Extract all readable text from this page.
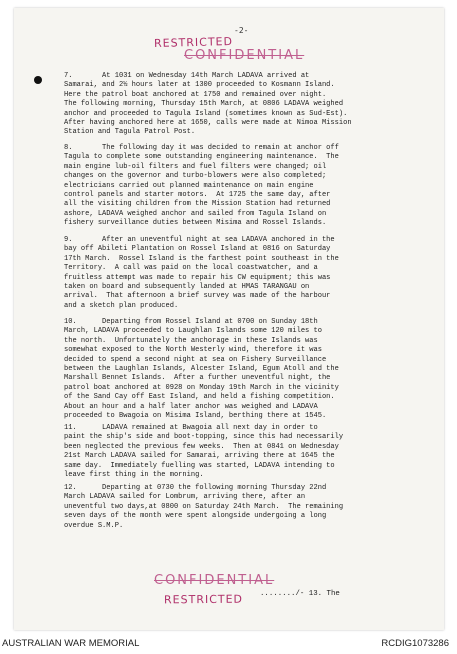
-2-
RESTRICTED
CONFIDENTIAL
7.       At 1031 on Wednesday 14th March LADAVA arrived at
Samarai, and 2½ hours later at 1300 proceeded to Kosmann Island.
Here the patrol boat anchored at 1750 and remained over night.
The following morning, Thursday 15th March, at 0806 LADAVA weighed
anchor and proceeded to Tagula Island (sometimes known as Sud-Est).
After having anchored here at 1650, calls were made at Nimoa Mission
Station and Tagula Patrol Post.
8.       The following day it was decided to remain at anchor off
Tagula to complete some outstanding engineering maintenance.  The
main engine lub-oil filters and fuel filters were changed; oil
changes on the governor and turbo-blowers were also completed;
electricians carried out planned maintenance on main engine
control panels and starter motors.  At 1725 the same day, after
all the visiting children from the Mission Station had returned
ashore, LADAVA weighed anchor and sailed from Tagula Island on
fishery surveillance duties between Misima and Rossel Islands.
9.       After an uneventful night at sea LADAVA anchored in the
bay off Abileti Plantation on Rossel Island at 0816 on Saturday
17th March.  Rossel Island is the farthest point southeast in the
Territory.  A call was paid on the local coastwatcher, and a
fruitless attempt was made to repair his CW equipment; this was
taken on board and subsequently landed at HMAS TARANGAU on
arrival.  That afternoon a brief survey was made of the harbour
and a sketch plan produced.
10.      Departing from Rossel Island at 0700 on Sunday 18th
March, LADAVA proceeded to Laughlan Islands some 120 miles to
the north.  Unfortunately the anchorage in these Islands was
somewhat exposed to the North Westerly wind, therefore it was
decided to spend a second night at sea on Fishery Surveillance
between the Laughlan Islands, Alcester Island, Egum Atoll and the
Marshall Bennet Islands.  After a further uneventful night, the
patrol boat anchored at 0928 on Monday 19th March in the vicinity
of the Sand Cay off East Island, and held a fishing competition.
About an hour and a half later anchor was weighed and LADAVA
proceeded to Bwagoia on Misima Island, berthing there at 1545.
11.      LADAVA remained at Bwagoia all next day in order to
paint the ship's side and boot-topping, since this had necessarily
been neglected the previous few weeks.  Then at 0841 on Wednesday
21st March LADAVA sailed for Samarai, arriving there at 1645 the
same day.  Immediately fuelling was started, LADAVA intending to
leave first thing in the morning.
12.      Departing at 0730 the following morning Thursday 22nd
March LADAVA sailed for Lombrum, arriving there, after an
uneventful two days,at 0800 on Saturday 24th March.  The remaining
seven days of the month were spent alongside undergoing a long
overdue S.M.P.
CONFIDENTIAL
......../- 13. The
RESTRICTED
AUSTRALIAN WAR MEMORIAL	RCDIG1073286
